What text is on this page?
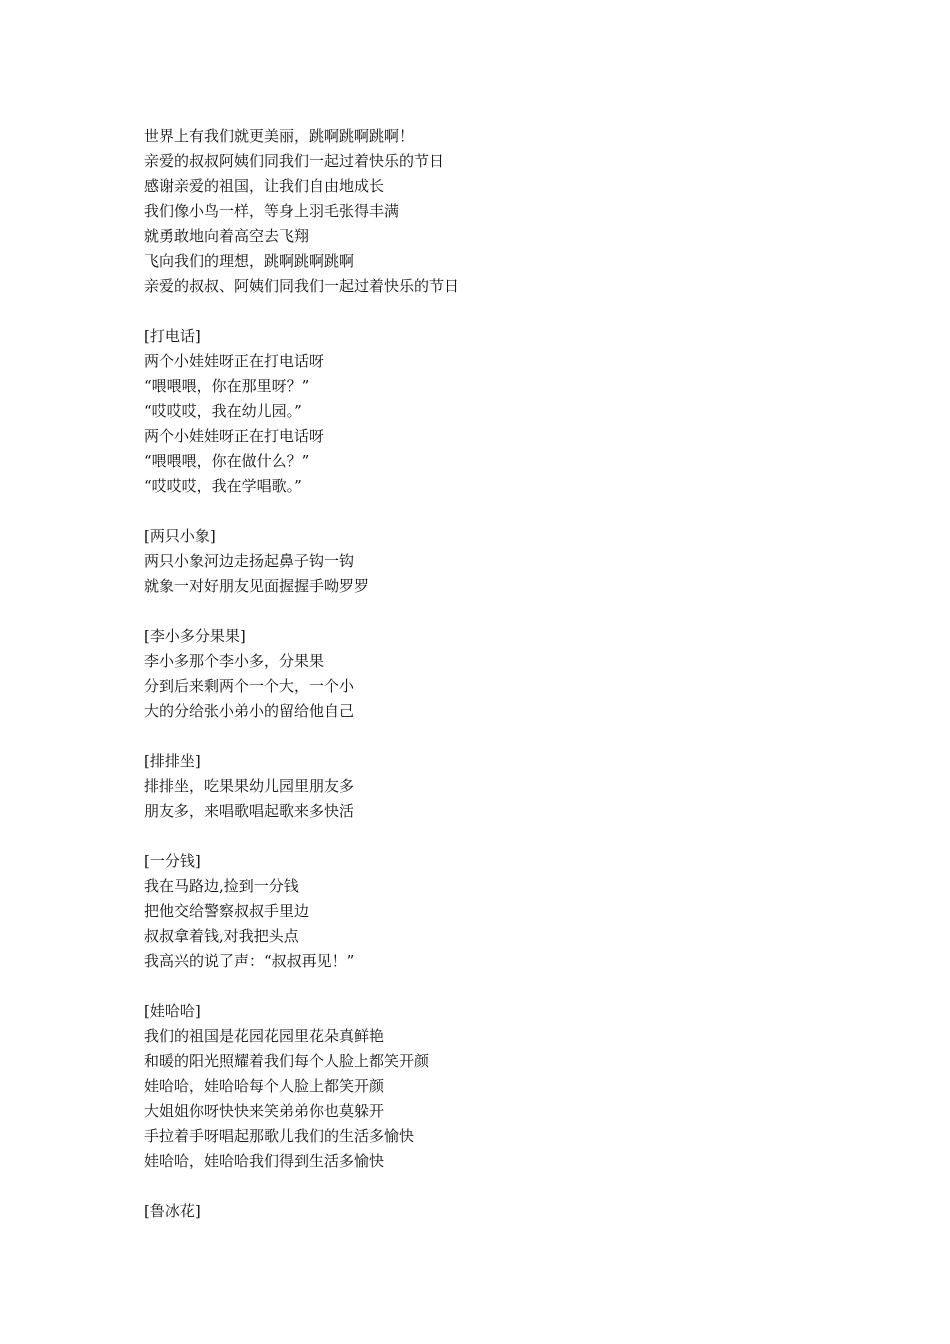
世界上有我们就更美丽，跳啊跳啊跳啊！
亲爱的叔叔阿姨们同我们一起过着快乐的节日
感谢亲爱的祖国，让我们自由地成长
我们像小鸟一样，等身上羽毛张得丰满
就勇敢地向着高空去飞翔
飞向我们的理想，跳啊跳啊跳啊
亲爱的叔叔、阿姨们同我们一起过着快乐的节日
[打电话]
两个小娃娃呀正在打电话呀
“喂喂喂，你在那里呀？”
“哎哎哎，我在幼儿园。”
两个小娃娃呀正在打电话呀
“喂喂喂，你在做什么？”
“哎哎哎，我在学唱歌。”
[两只小象]
两只小象河边走扬起鼻子钩一钩
就象一对好朋友见面握握手呦罗罗
[李小多分果果]
李小多那个李小多，分果果
分到后来剩两个一个大，一个小
大的分给张小弟小的留给他自己
[排排坐]
排排坐，吃果果幼儿园里朋友多
朋友多，来唱歌唱起歌来多快活
[一分钱]
我在马路边,捡到一分钱
把他交给警察叔叔手里边
叔叔拿着钱,对我把头点
我高兴的说了声：“叔叔再见！”
[娃哈哈]
我们的祖国是花园花园里花朵真鲜艳
和暖的阳光照耀着我们每个人脸上都笑开颜
娃哈哈，娃哈哈每个人脸上都笑开颜
大姐姐你呀快快来笑弟弟你也莫躲开
手拉着手呀唱起那歌儿我们的生活多愉快
娃哈哈，娃哈哈我们得到生活多愉快
[鲁冰花]
